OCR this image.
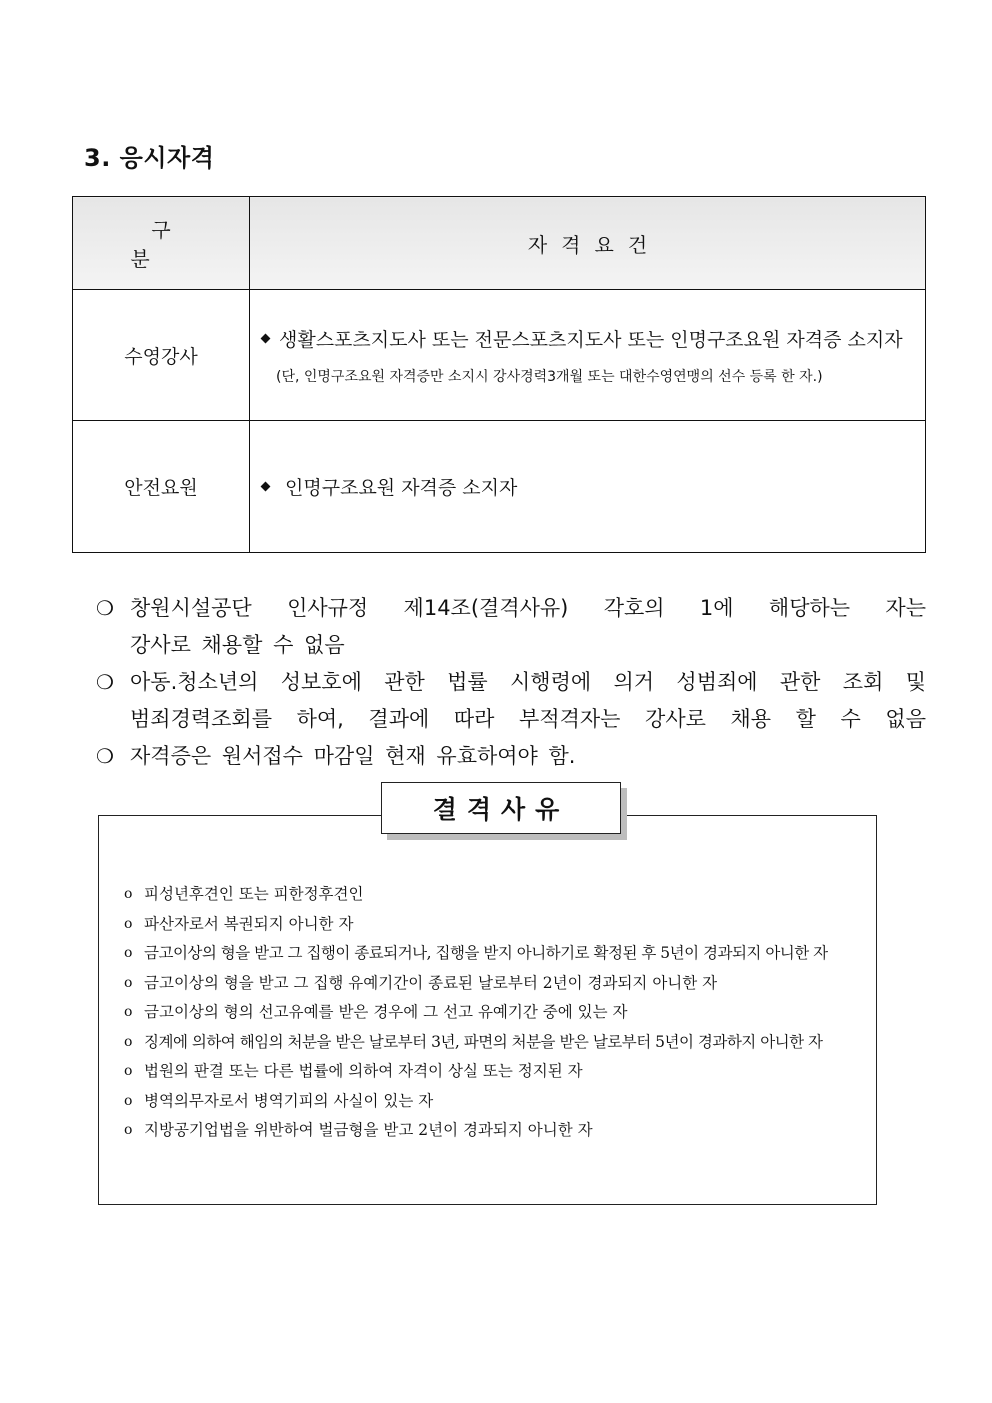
3. 응시자격
구 분	자격요건
수영강사	생활스포츠지도사 또는 전문스포츠지도사 또는 인명구조요원 자격증 소지자
(단, 인명구조요원 자격증만 소지시 강사경력3개월 또는 대한수영연맹의 선수 등록 한 자.)

안전요원	인명구조요원 자격증 소지자
❍ 창원시설공단 인사규정 제14조(결격사유) 각호의 1에 해당하는 자는
강사로 채용할 수 없음
❍ 아동.청소년의 성보호에 관한 법률 시행령에 의거 성범죄에 관한 조회 및
범죄경력조회를 하여, 결과에 따라 부적격자는 강사로 채용 할 수 없음
❍ 자격증은 원서접수 마감일 현재 유효하여야 함.
결격사유
o 피성년후견인 또는 피한정후견인
o 파산자로서 복권되지 아니한 자
o 금고이상의 형을 받고 그 집행이 종료되거나, 집행을 받지 아니하기로 확정된 후 5년이 경과되지 아니한 자
o 금고이상의 형을 받고 그 집행 유예기간이 종료된 날로부터 2년이 경과되지 아니한 자
o 금고이상의 형의 선고유예를 받은 경우에 그 선고 유예기간 중에 있는 자
o 징계에 의하여 해임의 처분을 받은 날로부터 3년, 파면의 처분을 받은 날로부터 5년이 경과하지 아니한 자
o 법원의 판결 또는 다른 법률에 의하여 자격이 상실 또는 정지된 자
o 병역의무자로서 병역기피의 사실이 있는 자
o 지방공기업법을 위반하여 벌금형을 받고 2년이 경과되지 아니한 자
